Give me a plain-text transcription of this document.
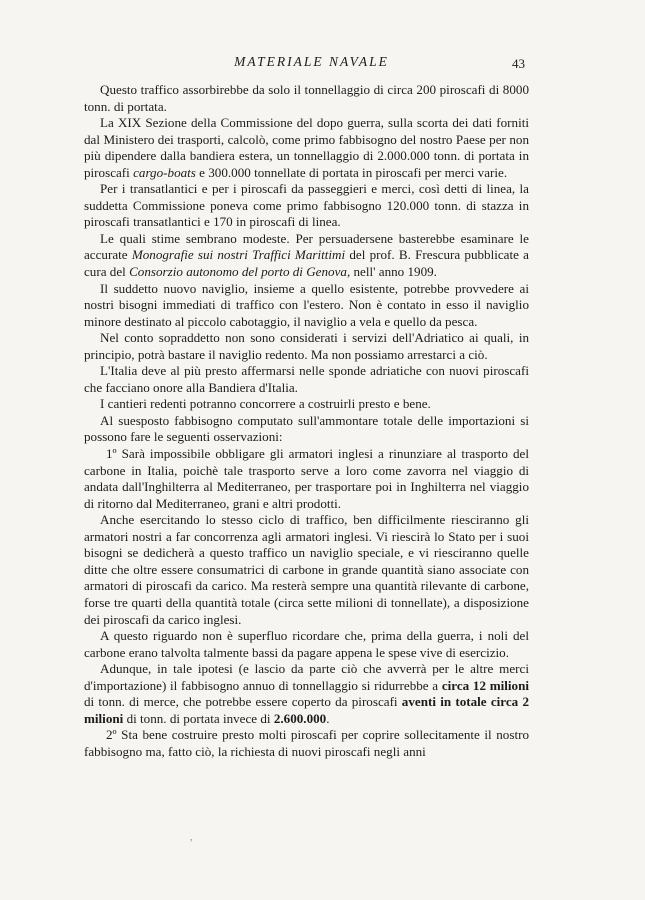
MATERIALE NAVALE	43

Questo traffico assorbirebbe da solo il tonnellaggio di circa 200 piroscafi di 8000 tonn. di portata.

La XIX Sezione della Commissione del dopo guerra, sulla scorta dei dati forniti dal Ministero dei trasporti, calcolò, come primo fabbisogno del nostro Paese per non più dipendere dalla bandiera estera, un tonnellaggio di 2.000.000 tonn. di portata in piroscafi cargo-boats e 300.000 tonnellate di portata in piroscafi per merci varie.

Per i transatlantici e per i piroscafi da passeggieri e merci, così detti di linea, la suddetta Commissione poneva come primo fabbisogno 120.000 tonn. di stazza in piroscafi transatlantici e 170 in piroscafi di linea.

Le quali stime sembrano modeste. Per persuadersene basterebbe esaminare le accurate Monografie sui nostri Traffici Marittimi del prof. B. Frescura pubblicate a cura del Consorzio autonomo del porto di Genova, nell' anno 1909.

Il suddetto nuovo naviglio, insieme a quello esistente, potrebbe provvedere ai nostri bisogni immediati di traffico con l'estero. Non è contato in esso il naviglio minore destinato al piccolo cabotaggio, il naviglio a vela e quello da pesca.

Nel conto sopraddetto non sono considerati i servizi dell'Adriatico ai quali, in principio, potrà bastare il naviglio redento. Ma non possiamo arrestarci a ciò.

L'Italia deve al più presto affermarsi nelle sponde adriatiche con nuovi piroscafi che facciano onore alla Bandiera d'Italia.

I cantieri redenti potranno concorrere a costruirli presto e bene.

Al suesposto fabbisogno computato sull'ammontare totale delle importazioni si possono fare le seguenti osservazioni:

1º Sarà impossibile obbligare gli armatori inglesi a rinunziare al trasporto del carbone in Italia, poichè tale trasporto serve a loro come zavorra nel viaggio di andata dall'Inghilterra al Mediterraneo, per trasportare poi in Inghilterra nel viaggio di ritorno dal Mediterraneo, grani e altri prodotti.

Anche esercitando lo stesso ciclo di traffico, ben difficilmente riesciranno gli armatori nostri a far concorrenza agli armatori inglesi. Vi riescirà lo Stato per i suoi bisogni se dedicherà a questo traffico un naviglio speciale, e vi riesciranno quelle ditte che oltre essere consumatrici di carbone in grande quantità siano associate con armatori di piroscafi da carico. Ma resterà sempre una quantità rilevante di carbone, forse tre quarti della quantità totale (circa sette milioni di tonnellate), a disposizione dei piroscafi da carico inglesi.

A questo riguardo non è superfluo ricordare che, prima della guerra, i noli del carbone erano talvolta talmente bassi da pagare appena le spese vive di esercizio.

Adunque, in tale ipotesi (e lascio da parte ciò che avverrà per le altre merci d'importazione) il fabbisogno annuo di tonnellaggio si ridurrebbe a circa 12 milioni di tonn. di merce, che potrebbe essere coperto da piroscafi aventi in totale circa 2 milioni di tonn. di portata invece di 2.600.000.

2º Sta bene costruire presto molti piroscafi per coprire sollecitamente il nostro fabbisogno ma, fatto ciò, la richiesta di nuovi piroscafi negli anni

,
